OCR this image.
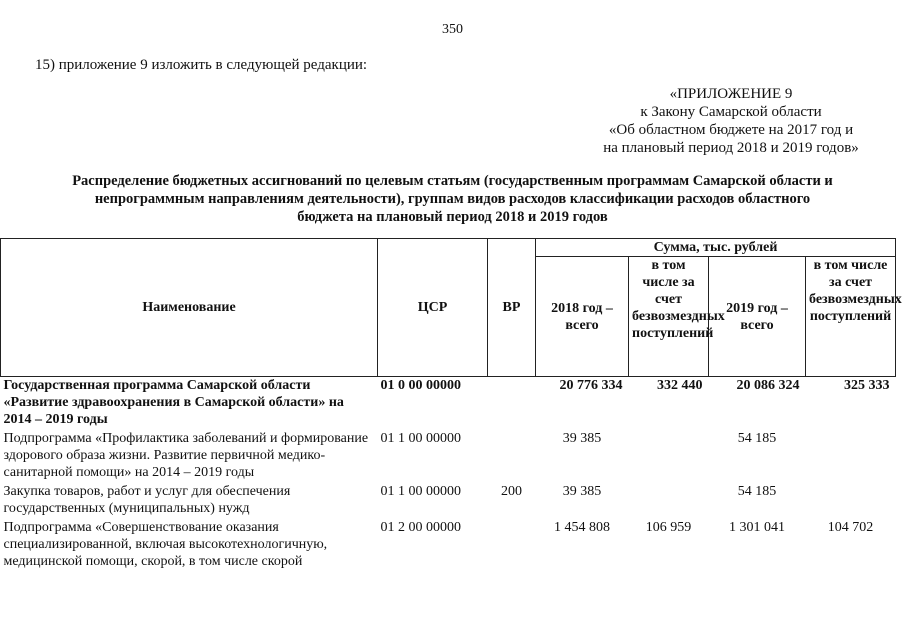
350
15) приложение 9 изложить в следующей редакции:
«ПРИЛОЖЕНИЕ 9
к Закону Самарской области
«Об областном бюджете на 2017 год и
на плановый период 2018 и 2019 годов»
Распределение бюджетных ассигнований по целевым статьям (государственным программам Самарской области и
непрограммным направлениям деятельности), группам видов расходов классификации расходов областного
бюджета на плановый период 2018 и 2019 годов
Наименование	ЦСР	ВР	Сумма, тыс. рублей			
			2018 год – всего	в том числе за счет безвозмездных поступлений	2019 год – всего	в том числе за счет безвозмездных поступлений
Государственная программа Самарской области «Развитие здравоохранения в Самарской области» на 2014 – 2019 годы	01 0 00 00000		20 776 334	332 440	20 086 324	325 333
Подпрограмма «Профилактика заболеваний и формирование здорового образа жизни. Развитие первичной медико-санитарной помощи» на 2014 – 2019 годы	01 1 00 00000		39 385		54 185	
Закупка товаров, работ и услуг для обеспечения государственных (муниципальных) нужд	01 1 00 00000	200	39 385		54 185	
Подпрограмма «Совершенствование оказания специализированной, включая высокотехнологичную, медицинской помощи, скорой, в том числе скорой	01 2 00 00000		1 454 808	106 959	1 301 041	104 702
